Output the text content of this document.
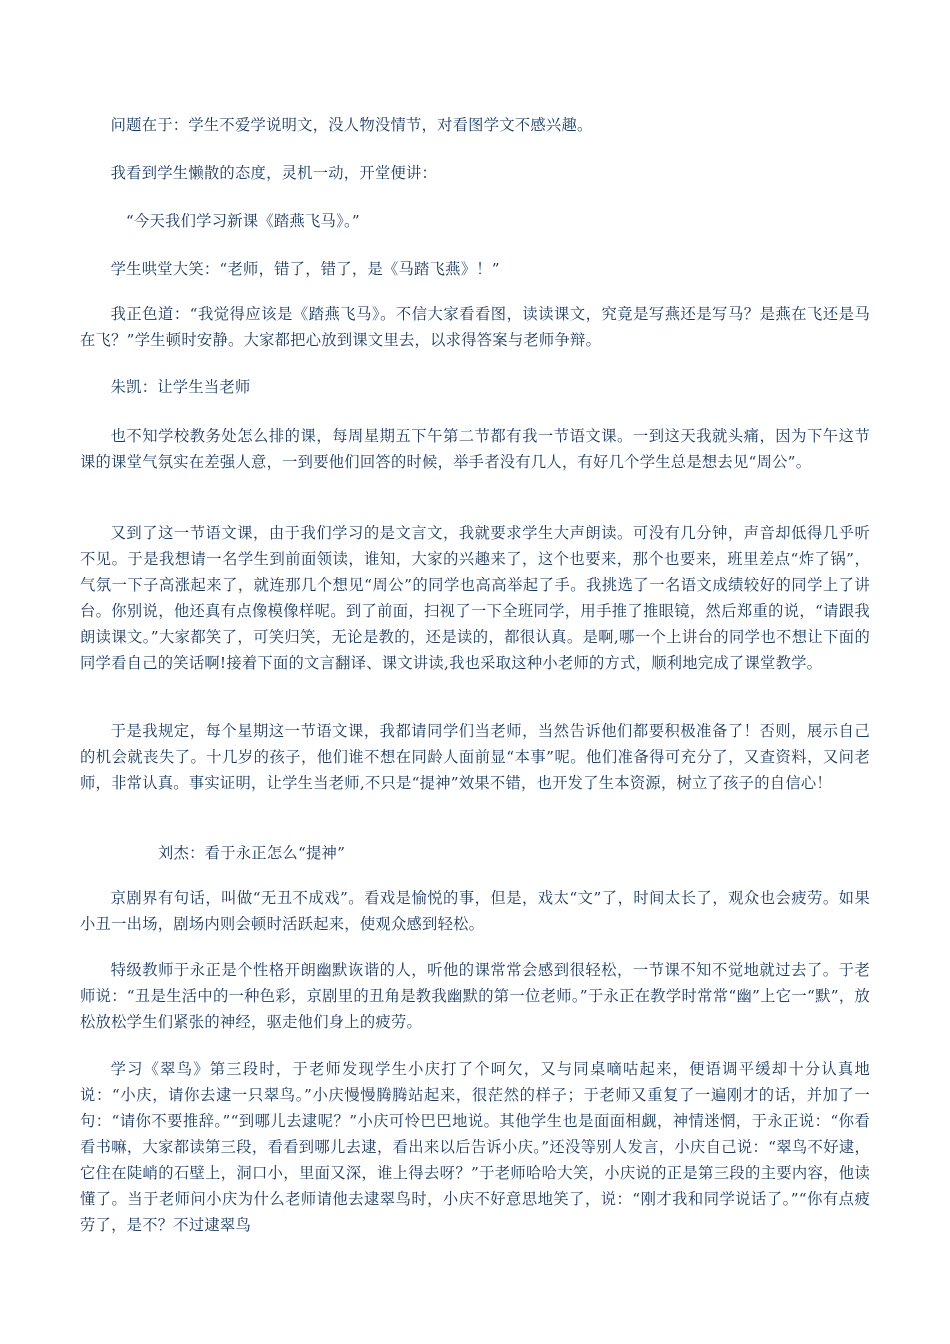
问题在于：学生不爱学说明文，没人物没情节，对看图学文不感兴趣。

我看到学生懒散的态度，灵机一动，开堂便讲：

“今天我们学习新课《踏燕飞马》。”

学生哄堂大笑：“老师，错了，错了，是《马踏飞燕》！”

我正色道：“我觉得应该是《踏燕飞马》。不信大家看看图，读读课文，究竟是写燕还是写马？是燕在飞还是马在飞？”学生顿时安静。大家都把心放到课文里去，以求得答案与老师争辩。

朱凯：让学生当老师

也不知学校教务处怎么排的课，每周星期五下午第二节都有我一节语文课。一到这天我就头痛，因为下午这节课的课堂气氛实在差强人意，一到要他们回答的时候，举手者没有几人，有好几个学生总是想去见“周公”。

又到了这一节语文课，由于我们学习的是文言文，我就要求学生大声朗读。可没有几分钟，声音却低得几乎听不见。于是我想请一名学生到前面领读，谁知，大家的兴趣来了，这个也要来，那个也要来，班里差点“炸了锅”，气氛一下子高涨起来了，就连那几个想见“周公”的同学也高高举起了手。我挑选了一名语文成绩较好的同学上了讲台。你别说，他还真有点像模像样呢。到了前面，扫视了一下全班同学，用手推了推眼镜，然后郑重的说，“请跟我朗读课文。”大家都笑了，可笑归笑，无论是教的，还是读的，都很认真。是啊,哪一个上讲台的同学也不想让下面的同学看自己的笑话啊!接着下面的文言翻译、课文讲读,我也采取这种小老师的方式，顺利地完成了课堂教学。

于是我规定，每个星期这一节语文课，我都请同学们当老师，当然告诉他们都要积极准备了！否则，展示自己的机会就丧失了。十几岁的孩子，他们谁不想在同龄人面前显“本事”呢。他们准备得可充分了，又查资料，又问老师，非常认真。事实证明，让学生当老师,不只是“提神”效果不错，也开发了生本资源，树立了孩子的自信心！

刘杰：看于永正怎么“提神”

京剧界有句话，叫做“无丑不成戏”。看戏是愉悦的事，但是，戏太“文”了，时间太长了，观众也会疲劳。如果小丑一出场，剧场内则会顿时活跃起来，使观众感到轻松。

特级教师于永正是个性格开朗幽默诙谐的人，听他的课常常会感到很轻松，一节课不知不觉地就过去了。于老师说：“丑是生活中的一种色彩，京剧里的丑角是教我幽默的第一位老师。”于永正在教学时常常“幽”上它一“默”，放松放松学生们紧张的神经，驱走他们身上的疲劳。

学习《翠鸟》第三段时，于老师发现学生小庆打了个呵欠，又与同桌嘀咕起来，便语调平缓却十分认真地说：“小庆，请你去逮一只翠鸟。”小庆慢慢腾腾站起来，很茫然的样子；于老师又重复了一遍刚才的话，并加了一句：“请你不要推辞。”“到哪儿去逮呢？”小庆可怜巴巴地说。其他学生也是面面相觑，神情迷惘，于永正说：“你看看书嘛，大家都读第三段，看看到哪儿去逮，看出来以后告诉小庆。”还没等别人发言，小庆自己说：“翠鸟不好逮，它住在陡峭的石壁上，洞口小，里面又深，谁上得去呀？”于老师哈哈大笑，小庆说的正是第三段的主要内容，他读懂了。当于老师问小庆为什么老师请他去逮翠鸟时，小庆不好意思地笑了，说：“刚才我和同学说话了。”“你有点疲劳了，是不？不过逮翠鸟
